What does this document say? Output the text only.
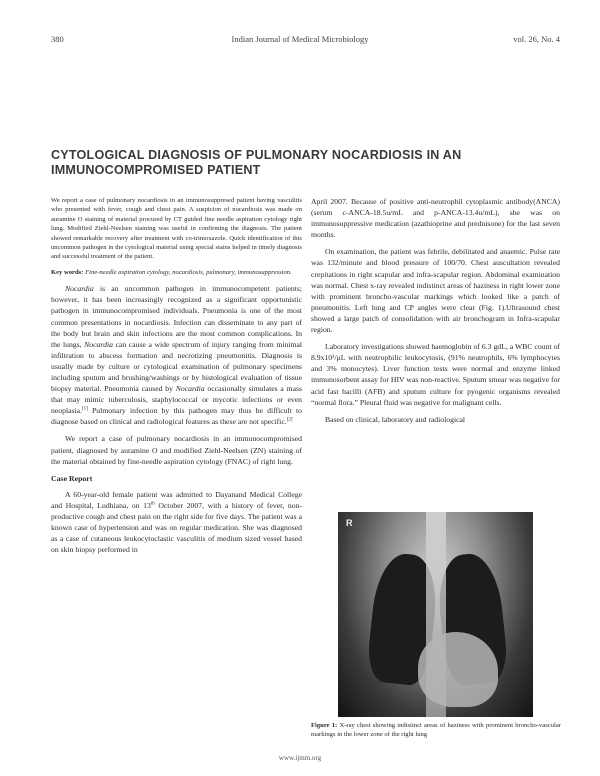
380	Indian Journal of Medical Microbiology	vol. 26, No. 4
CYTOLOGICAL DIAGNOSIS OF PULMONARY NOCARDIOSIS IN AN IMMUNOCOMPROMISED PATIENT

We report a case of pulmonary nocardiosis in an immunosuppresed patient having vasculitis who presented with fever, cough and chest pain. A suspicion of nocardiosis was made on auramine O staining of material procured by CT guided fine needle aspiration cytology right lung. Modified Ziehl-Neelsen staining was useful in confirming the diagnosis. The patient showed remarkable recovery after treatment with co-trimoxazole. Quick identification of this uncommon pathogen in the cytological material using special stains helped in timely diagnosis and successful treatment of the patient.

Key words: Fine-needle aspiration cytology, nocardiosis, pulmonary, immunosuppression.

Nocardia is an uncommon pathogen in immunocompetent patients; however, it has been increasingly recognized as a significant opportunistic pathogen in immunocompromised individuals. Pneumonia is one of the most common presentations in nocardiosis. Infection can disseminate to any part of the body but brain and skin infections are the most common complications. In the lungs, Nocardia can cause a wide spectrum of injury ranging from minimal infiltration to abscess formation and necrotizing pneumonitis. Diagnosis is usually made by culture or cytological examination of pulmonary specimens including sputum and brushing/washings or by histological evaluation of tissue biopsy material. Pneumonia caused by Nocardia occasionally simulates a mass that may mimic tuberculosis, staphylococcal or mycotic infections or even neoplasia.[1] Pulmonary infection by this pathogen may thus be difficult to diagnose based on clinical and radiological features as these are not specific.[2]

We report a case of pulmonary nocardiosis in an immunocompromised patient, diagnosed by auramine O and modified Ziehl-Neelsen (ZN) staining of the material obtained by fine-needle aspiration cytology (FNAC) of right lung.

Case Report

A 60-year-old female patient was admitted to Dayanand Medical College and Hospital, Ludhiana, on 13th October 2007, with a history of fever, non-productive cough and chest pain on the right side for five days. The patient was a known case of hypertension and was on regular medication. She was diagnosed as a case of cutaneous leukocytoclastic vasculitis of medium sized vessel based on skin biopsy performed in

April 2007. Because of positive anti-neutrophil cytoplasmic antibody(ANCA) (serum c-ANCA-18.5u/mL and p-ANCA-13.4u/mL), she was on immunosuppressive medication (azathioprine and prednisone) for the last seven months.

On examination, the patient was febrile, debilitated and anaemic. Pulse rate was 132/minute and blood pressure of 100/70. Chest auscultation revealed crepitations in right scapular and infra-scapular region. Abdominal examination was normal. Chest x-ray revealed indistinct areas of haziness in right lower zone with prominent broncho-vascular markings which looked like a patch of pneumonitis. Left lung and CP angles were clear (Fig. 1).Ultrasound chest showed a large patch of consolidation with air bronchogram in Infra-scapular region.

Laboratory investigations showed haemoglobin of 6.3 gdL, a WBC count of 8.9x10³/μL with neutrophilic leukocytosis, (91% neutrophils, 6% lymphocytes and 3% monocytes). Liver function tests were normal and enzyme linked immunosorbent assay for HIV was non-reactive. Sputum smear was negative for acid fast bacilli (AFB) and sputum culture for pyogenic organisms revealed “normal flora.” Pleural fluid was negative for malignant cells.

Based on clinical, laboratory and radiological

R
Figure 1: X-ray chest showing indistinct areas of haziness with prominent broncho-vascular markings in the lower zone of the right lung
www.ijmm.org
